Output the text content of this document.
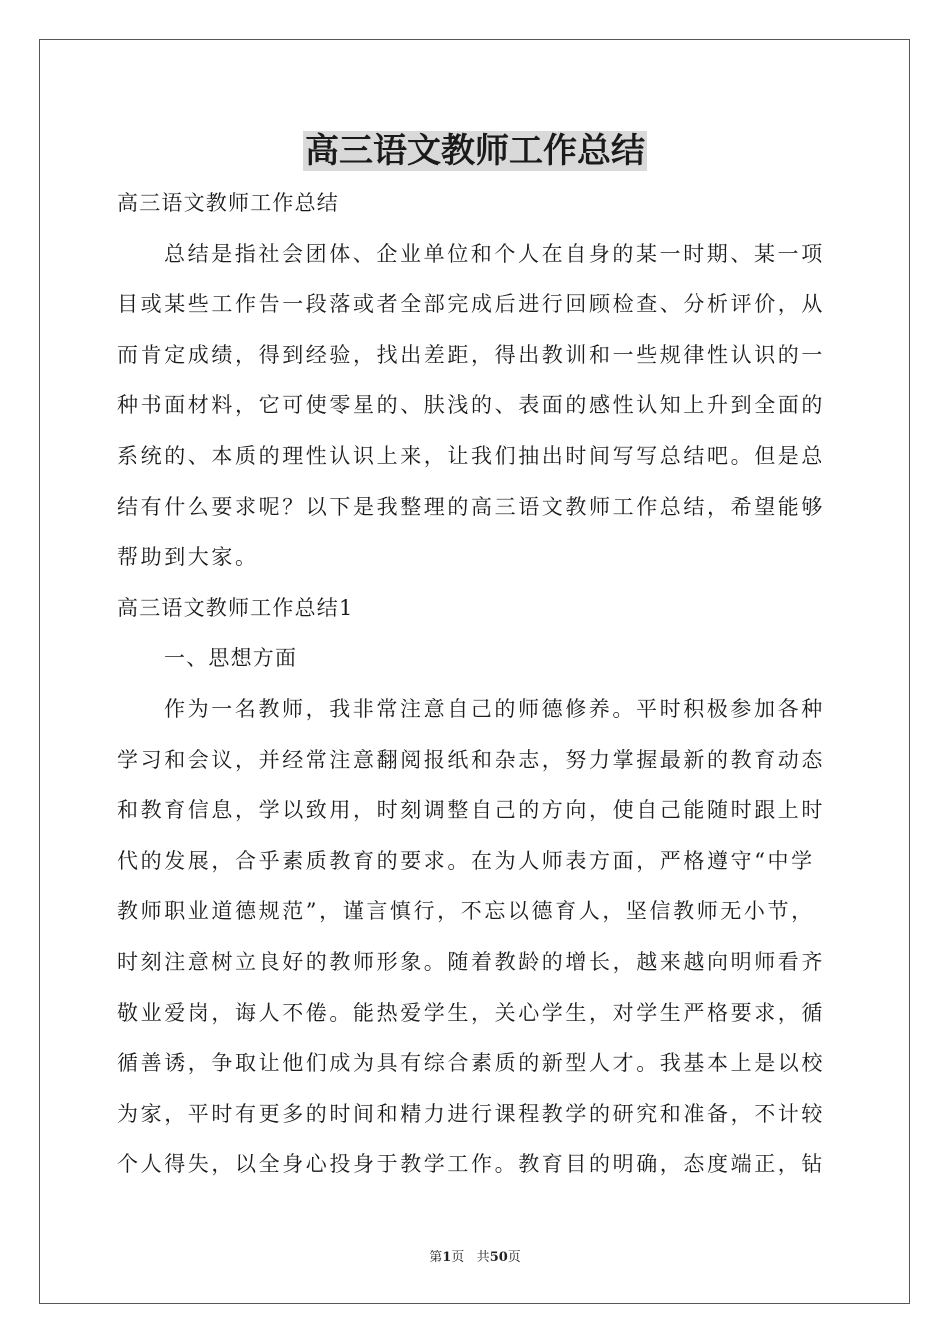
高三语文教师工作总结
高三语文教师工作总结
总结是指社会团体、企业单位和个人在自身的某一时期、某一项
目或某些工作告一段落或者全部完成后进行回顾检查、分析评价，从
而肯定成绩，得到经验，找出差距，得出教训和一些规律性认识的一
种书面材料，它可使零星的、肤浅的、表面的感性认知上升到全面的
系统的、本质的理性认识上来，让我们抽出时间写写总结吧。但是总
结有什么要求呢？以下是我整理的高三语文教师工作总结，希望能够
帮助到大家。
高三语文教师工作总结1
一、思想方面
作为一名教师，我非常注意自己的师德修养。平时积极参加各种
学习和会议，并经常注意翻阅报纸和杂志，努力掌握最新的教育动态
和教育信息，学以致用，时刻调整自己的方向，使自己能随时跟上时
代的发展，合乎素质教育的要求。在为人师表方面，严格遵守“中学
教师职业道德规范”，谨言慎行，不忘以德育人，坚信教师无小节，
时刻注意树立良好的教师形象。随着教龄的增长，越来越向明师看齐
敬业爱岗，诲人不倦。能热爱学生，关心学生，对学生严格要求，循
循善诱，争取让他们成为具有综合素质的新型人才。我基本上是以校
为家，平时有更多的时间和精力进行课程教学的研究和准备，不计较
个人得失，以全身心投身于教学工作。教育目的明确，态度端正，钻
第1页 共50页
